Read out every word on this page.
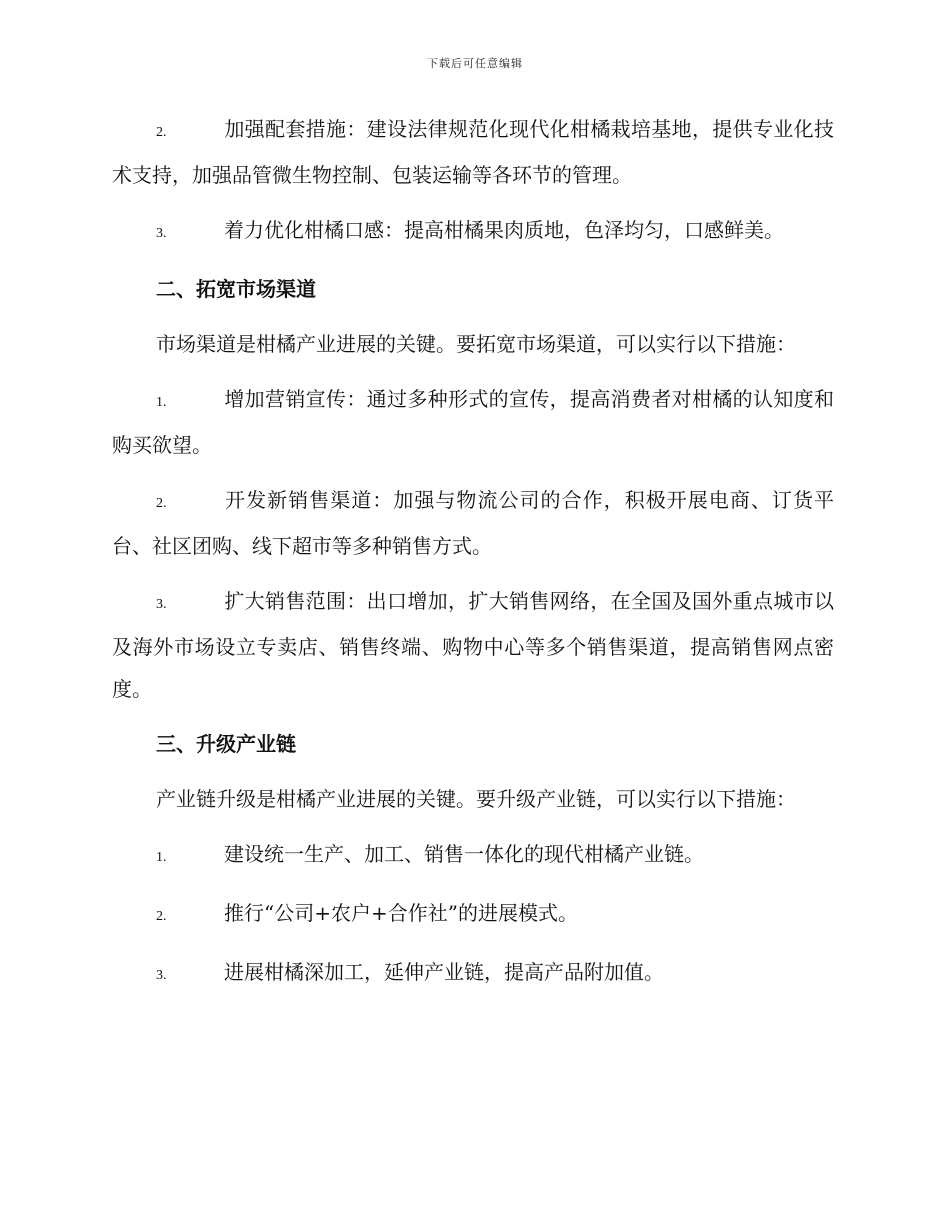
下载后可任意编辑
2.	加强配套措施：建设法律规范化现代化柑橘栽培基地，提供专业化技术支持，加强品管微生物控制、包装运输等各环节的管理。
3.	着力优化柑橘口感：提高柑橘果肉质地，色泽均匀，口感鲜美。
二、拓宽市场渠道
市场渠道是柑橘产业进展的关键。要拓宽市场渠道，可以实行以下措施：
1.	增加营销宣传：通过多种形式的宣传，提高消费者对柑橘的认知度和购买欲望。
2.	开发新销售渠道：加强与物流公司的合作，积极开展电商、订货平台、社区团购、线下超市等多种销售方式。
3.	扩大销售范围：出口增加，扩大销售网络，在全国及国外重点城市以及海外市场设立专卖店、销售终端、购物中心等多个销售渠道，提高销售网点密度。
三、升级产业链
产业链升级是柑橘产业进展的关键。要升级产业链，可以实行以下措施：
1.	建设统一生产、加工、销售一体化的现代柑橘产业链。
2.	推行“公司+农户+合作社”的进展模式。
3.	进展柑橘深加工，延伸产业链，提高产品附加值。
